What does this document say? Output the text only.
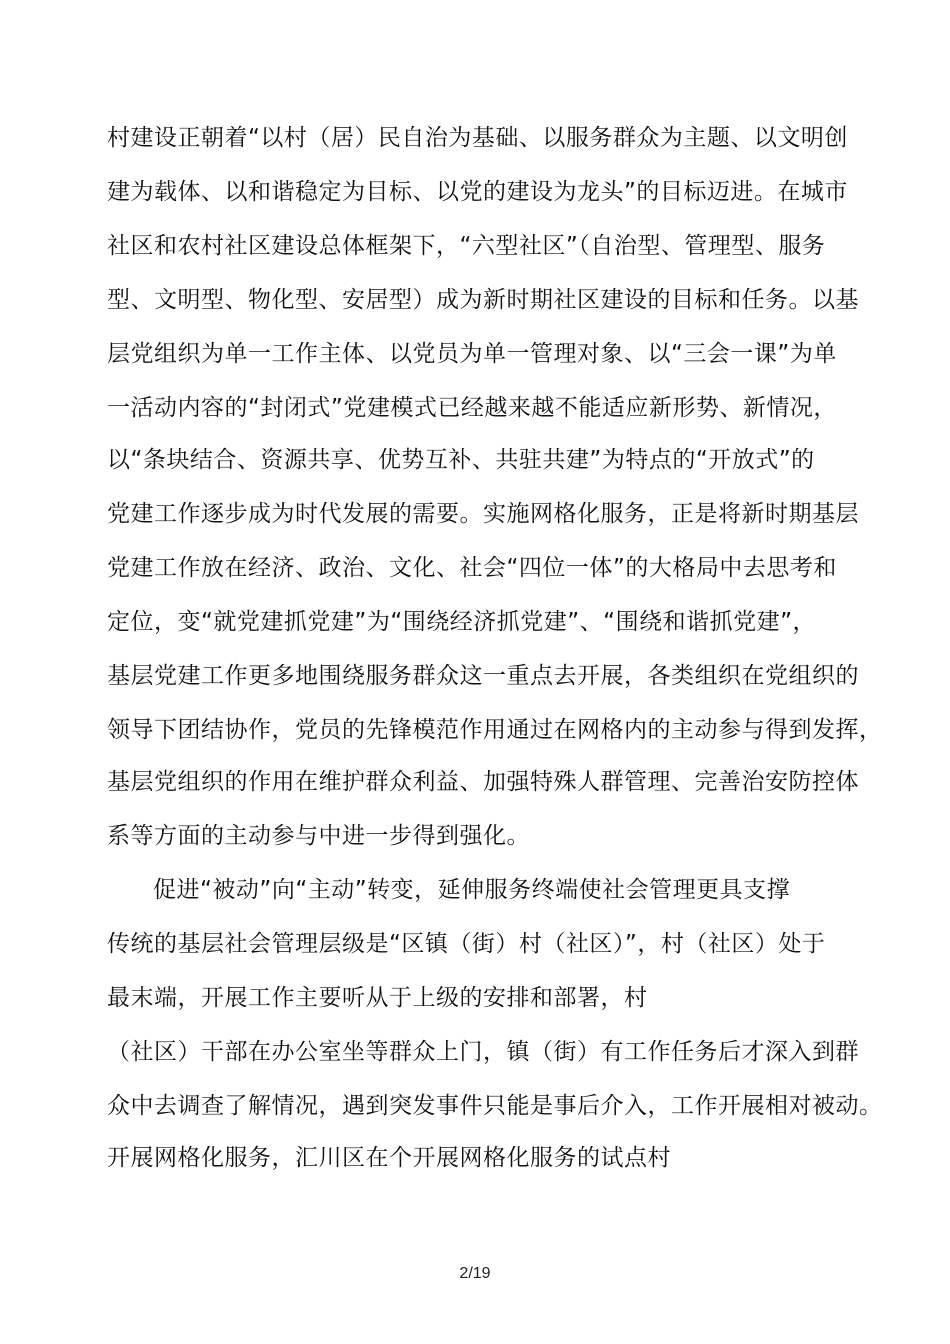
村建设正朝着“以村（居）民自治为基础、以服务群众为主题、以文明创
建为载体、以和谐稳定为目标、以党的建设为龙头”的目标迈进。在城市
社区和农村社区建设总体框架下，“六型社区”（自治型、管理型、服务
型、文明型、物化型、安居型）成为新时期社区建设的目标和任务。以基
层党组织为单一工作主体、以党员为单一管理对象、以“三会一课”为单
一活动内容的“封闭式”党建模式已经越来越不能适应新形势、新情况，
以“条块结合、资源共享、优势互补、共驻共建”为特点的“开放式”的
党建工作逐步成为时代发展的需要。实施网格化服务，正是将新时期基层
党建工作放在经济、政治、文化、社会“四位一体”的大格局中去思考和
定位，变“就党建抓党建”为“围绕经济抓党建”、“围绕和谐抓党建”，
基层党建工作更多地围绕服务群众这一重点去开展，各类组织在党组织的
领导下团结协作，党员的先锋模范作用通过在网格内的主动参与得到发挥，
基层党组织的作用在维护群众利益、加强特殊人群管理、完善治安防控体
系等方面的主动参与中进一步得到强化。
促进“被动”向“主动”转变，延伸服务终端使社会管理更具支撑
传统的基层社会管理层级是“区镇（街）村（社区）”，村（社区）处于
最末端，开展工作主要听从于上级的安排和部署，村
（社区）干部在办公室坐等群众上门，镇（街）有工作任务后才深入到群
众中去调查了解情况，遇到突发事件只能是事后介入，工作开展相对被动。
开展网格化服务，汇川区在个开展网格化服务的试点村
2/19
